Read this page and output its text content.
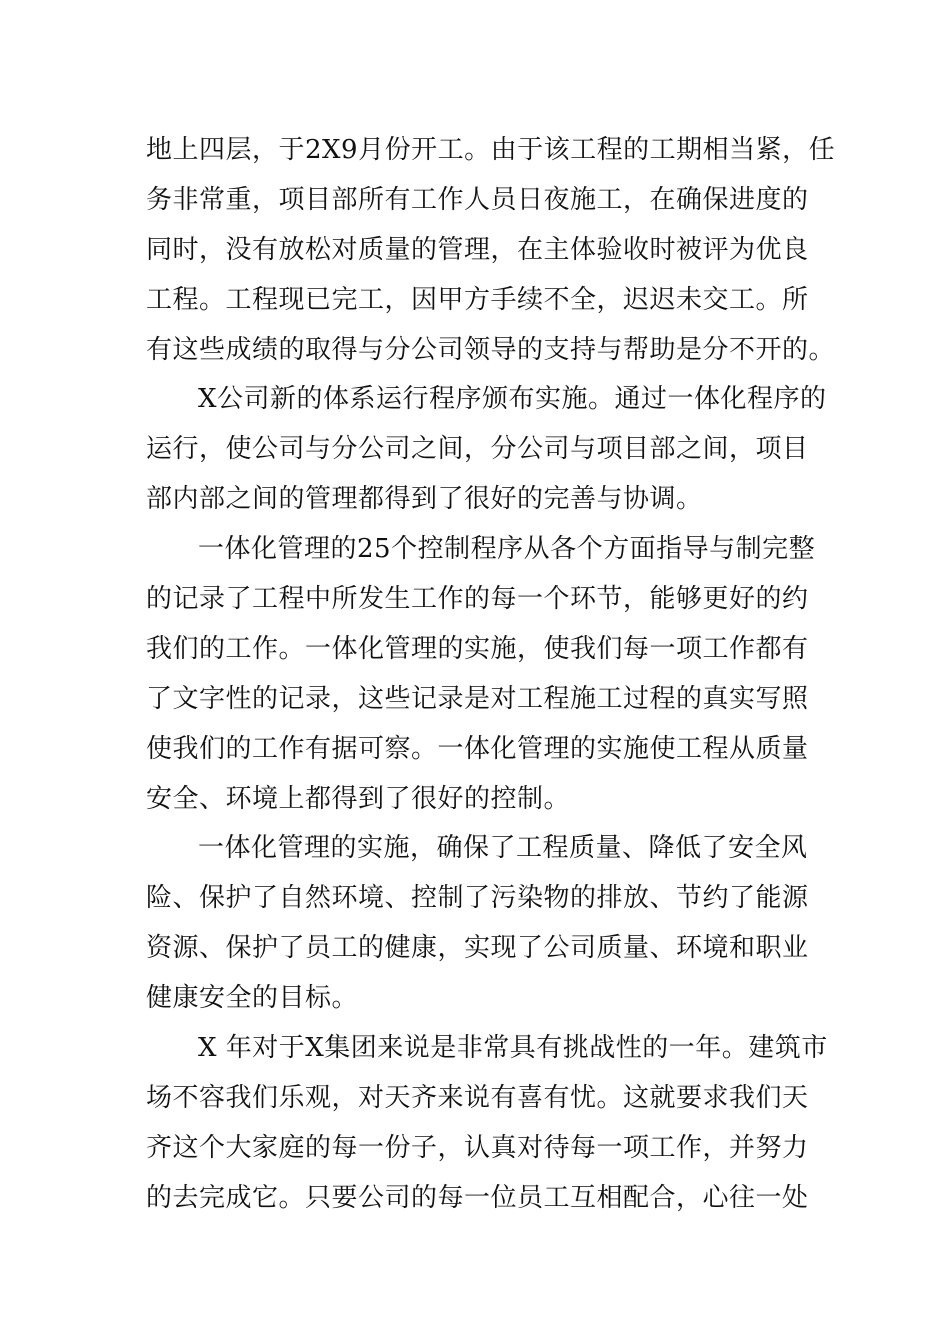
地上四层，于2X9月份开工。由于该工程的工期相当紧，任
务非常重，项目部所有工作人员日夜施工，在确保进度的
同时，没有放松对质量的管理，在主体验收时被评为优良
工程。工程现已完工，因甲方手续不全，迟迟未交工。所
有这些成绩的取得与分公司领导的支持与帮助是分不开的。
X公司新的体系运行程序颁布实施。通过一体化程序的
运行，使公司与分公司之间，分公司与项目部之间，项目
部内部之间的管理都得到了很好的完善与协调。
一体化管理的25个控制程序从各个方面指导与制完整
的记录了工程中所发生工作的每一个环节，能够更好的约
我们的工作。一体化管理的实施，使我们每一项工作都有
了文字性的记录，这些记录是对工程施工过程的真实写照
使我们的工作有据可察。一体化管理的实施使工程从质量
安全、环境上都得到了很好的控制。
一体化管理的实施，确保了工程质量、降低了安全风
险、保护了自然环境、控制了污染物的排放、节约了能源
资源、保护了员工的健康，实现了公司质量、环境和职业
健康安全的目标。
X 年对于X集团来说是非常具有挑战性的一年。建筑市
场不容我们乐观，对天齐来说有喜有忧。这就要求我们天
齐这个大家庭的每一份子，认真对待每一项工作，并努力
的去完成它。只要公司的每一位员工互相配合，心往一处
